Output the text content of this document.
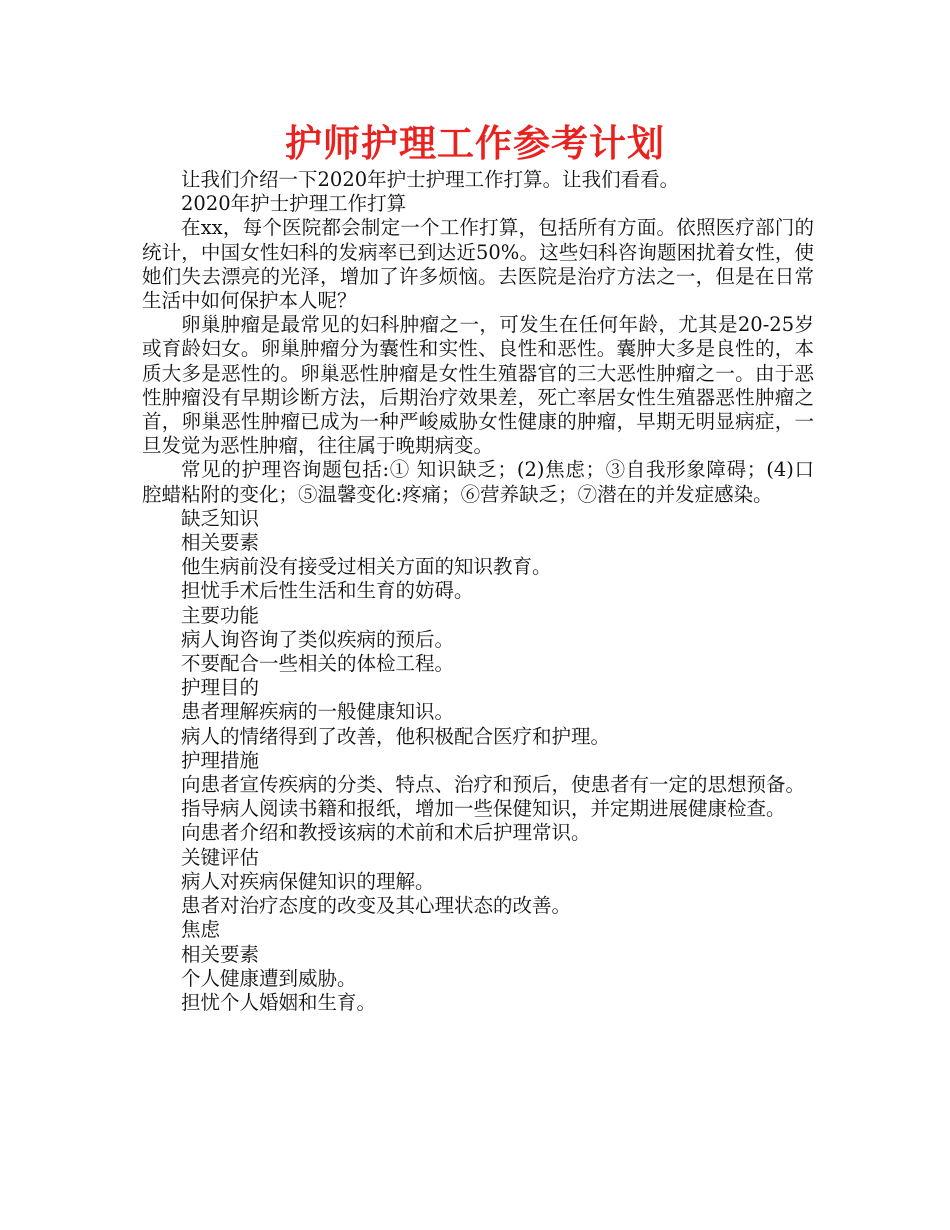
护师护理工作参考计划

让我们介绍一下2020年护士护理工作打算。让我们看看。

2020年护士护理工作打算

在xx，每个医院都会制定一个工作打算，包括所有方面。依照医疗部门的统计，中国女性妇科的发病率已到达近50%。这些妇科咨询题困扰着女性，使她们失去漂亮的光泽，增加了许多烦恼。去医院是治疗方法之一，但是在日常生活中如何保护本人呢？

卵巢肿瘤是最常见的妇科肿瘤之一，可发生在任何年龄，尤其是20-25岁或育龄妇女。卵巢肿瘤分为囊性和实性、良性和恶性。囊肿大多是良性的，本质大多是恶性的。卵巢恶性肿瘤是女性生殖器官的三大恶性肿瘤之一。由于恶性肿瘤没有早期诊断方法，后期治疗效果差，死亡率居女性生殖器恶性肿瘤之首，卵巢恶性肿瘤已成为一种严峻威胁女性健康的肿瘤，早期无明显病症，一旦发觉为恶性肿瘤，往往属于晚期病变。

常见的护理咨询题包括:① 知识缺乏；(2)焦虑；③自我形象障碍；(4)口腔蜡粘附的变化；⑤温馨变化:疼痛；⑥营养缺乏；⑦潜在的并发症感染。

缺乏知识

相关要素

他生病前没有接受过相关方面的知识教育。

担忧手术后性生活和生育的妨碍。

主要功能

病人询咨询了类似疾病的预后。

不要配合一些相关的体检工程。

护理目的

患者理解疾病的一般健康知识。

病人的情绪得到了改善，他积极配合医疗和护理。

护理措施

向患者宣传疾病的分类、特点、治疗和预后，使患者有一定的思想预备。

指导病人阅读书籍和报纸，增加一些保健知识，并定期进展健康检查。

向患者介绍和教授该病的术前和术后护理常识。

关键评估

病人对疾病保健知识的理解。

患者对治疗态度的改变及其心理状态的改善。

焦虑

相关要素

个人健康遭到威胁。

担忧个人婚姻和生育。
